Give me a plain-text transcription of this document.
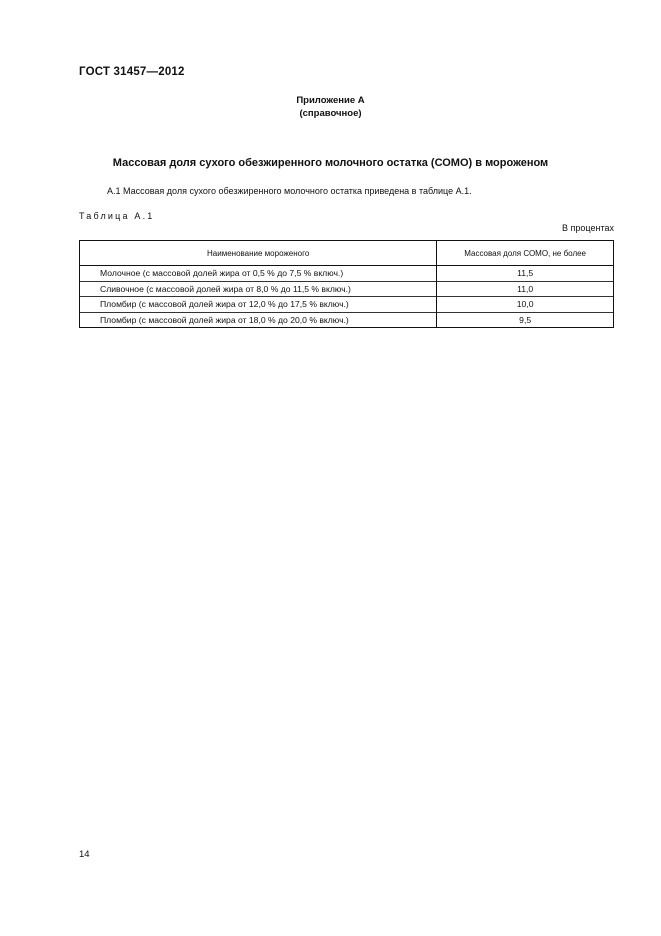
ГОСТ 31457—2012
Приложение А
(справочное)
Массовая доля сухого обезжиренного молочного остатка (СОМО) в мороженом
А.1 Массовая доля сухого обезжиренного молочного остатка приведена в таблице А.1.
Таблица А.1
В процентах
Наименование мороженого	Массовая доля СОМО, не более
Молочное (с массовой долей жира от 0,5 % до 7,5 % включ.)	11,5
Сливочное (с массовой долей жира от 8,0 % до 11,5 % включ.)	11,0
Пломбир (с массовой долей жира от 12,0 % до 17,5 % включ.)	10,0
Пломбир (с массовой долей жира от 18,0 % до 20,0 % включ.)	9,5
14
